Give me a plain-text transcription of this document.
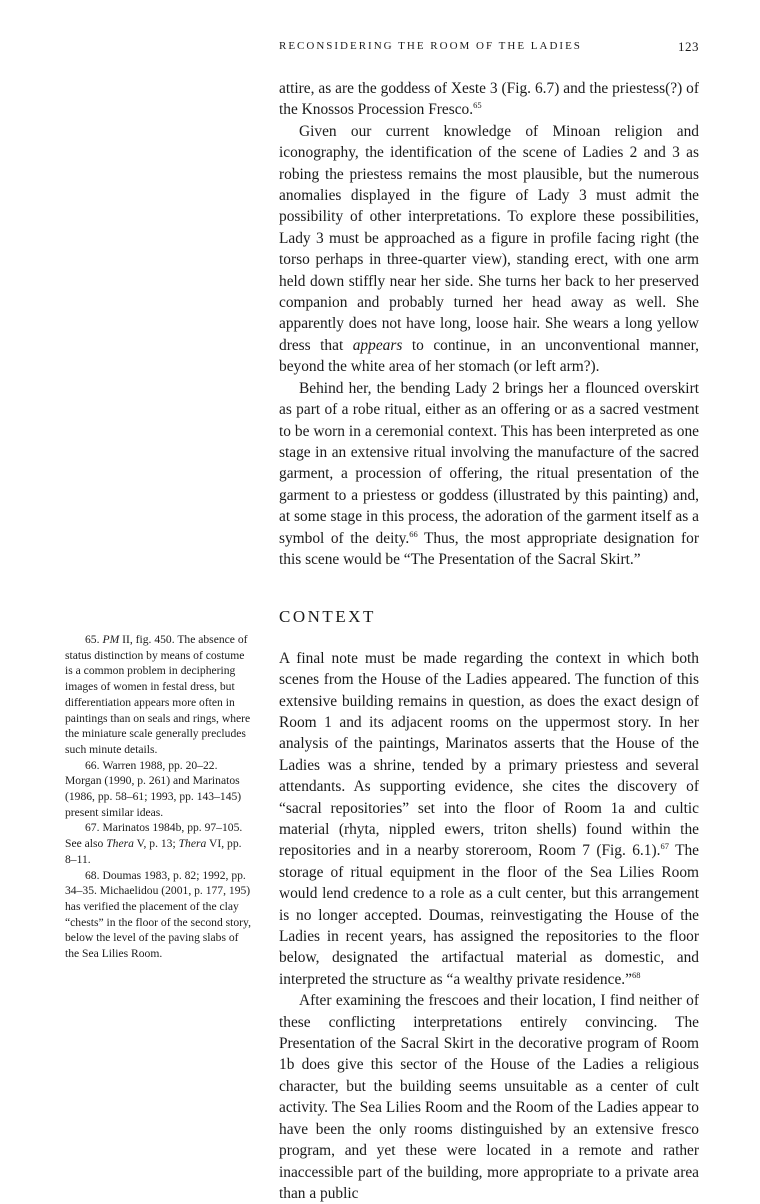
RECONSIDERING THE ROOM OF THE LADIES	123

attire, as are the goddess of Xeste 3 (Fig. 6.7) and the priestess(?) of the Knossos Procession Fresco.$^{65}$

Given our current knowledge of Minoan religion and iconography, the identification of the scene of Ladies 2 and 3 as robing the priestess remains the most plausible, but the numerous anomalies displayed in the figure of Lady 3 must admit the possibility of other interpretations. To explore these possibilities, Lady 3 must be approached as a figure in profile facing right (the torso perhaps in three-quarter view), standing erect, with one arm held down stiffly near her side. She turns her back to her preserved companion and probably turned her head away as well. She apparently does not have long, loose hair. She wears a long yellow dress that appears to continue, in an unconventional manner, beyond the white area of her stomach (or left arm?).

Behind her, the bending Lady 2 brings her a flounced overskirt as part of a robe ritual, either as an offering or as a sacred vestment to be worn in a ceremonial context. This has been interpreted as one stage in an extensive ritual involving the manufacture of the sacred garment, a procession of offering, the ritual presentation of the garment to a priestess or goddess (illustrated by this painting) and, at some stage in this process, the adoration of the garment itself as a symbol of the deity.$^{66}$ Thus, the most appropriate designation for this scene would be “The Presentation of the Sacral Skirt.”

CONTEXT

A final note must be made regarding the context in which both scenes from the House of the Ladies appeared. The function of this extensive building remains in question, as does the exact design of Room 1 and its adjacent rooms on the uppermost story. In her analysis of the paintings, Marinatos asserts that the House of the Ladies was a shrine, tended by a primary priestess and several attendants. As supporting evidence, she cites the discovery of “sacral repositories” set into the floor of Room 1a and cultic material (rhyta, nippled ewers, triton shells) found within the repositories and in a nearby storeroom, Room 7 (Fig. 6.1).$^{67}$ The storage of ritual equipment in the floor of the Sea Lilies Room would lend credence to a role as a cult center, but this arrangement is no longer accepted. Doumas, reinvestigating the House of the Ladies in recent years, has assigned the repositories to the floor below, designated the artifactual material as domestic, and interpreted the structure as “a wealthy private residence.”$^{68}$

After examining the frescoes and their location, I find neither of these conflicting interpretations entirely convincing. The Presentation of the Sacral Skirt in the decorative program of Room 1b does give this sector of the House of the Ladies a religious character, but the building seems unsuitable as a center of cult activity. The Sea Lilies Room and the Room of the Ladies appear to have been the only rooms distinguished by an extensive fresco program, and yet these were located in a remote and rather inaccessible part of the building, more appropriate to a private area than a public

65. PM II, fig. 450. The absence of status distinction by means of costume is a common problem in deciphering images of women in festal dress, but differentiation appears more often in paintings than on seals and rings, where the miniature scale generally precludes such minute details.

66. Warren 1988, pp. 20–22. Morgan (1990, p. 261) and Marinatos (1986, pp. 58–61; 1993, pp. 143–145) present similar ideas.

67. Marinatos 1984b, pp. 97–105. See also Thera V, p. 13; Thera VI, pp. 8–11.

68. Doumas 1983, p. 82; 1992, pp. 34–35. Michaelidou (2001, p. 177, 195) has verified the placement of the clay “chests” in the floor of the second story, below the level of the paving slabs of the Sea Lilies Room.
